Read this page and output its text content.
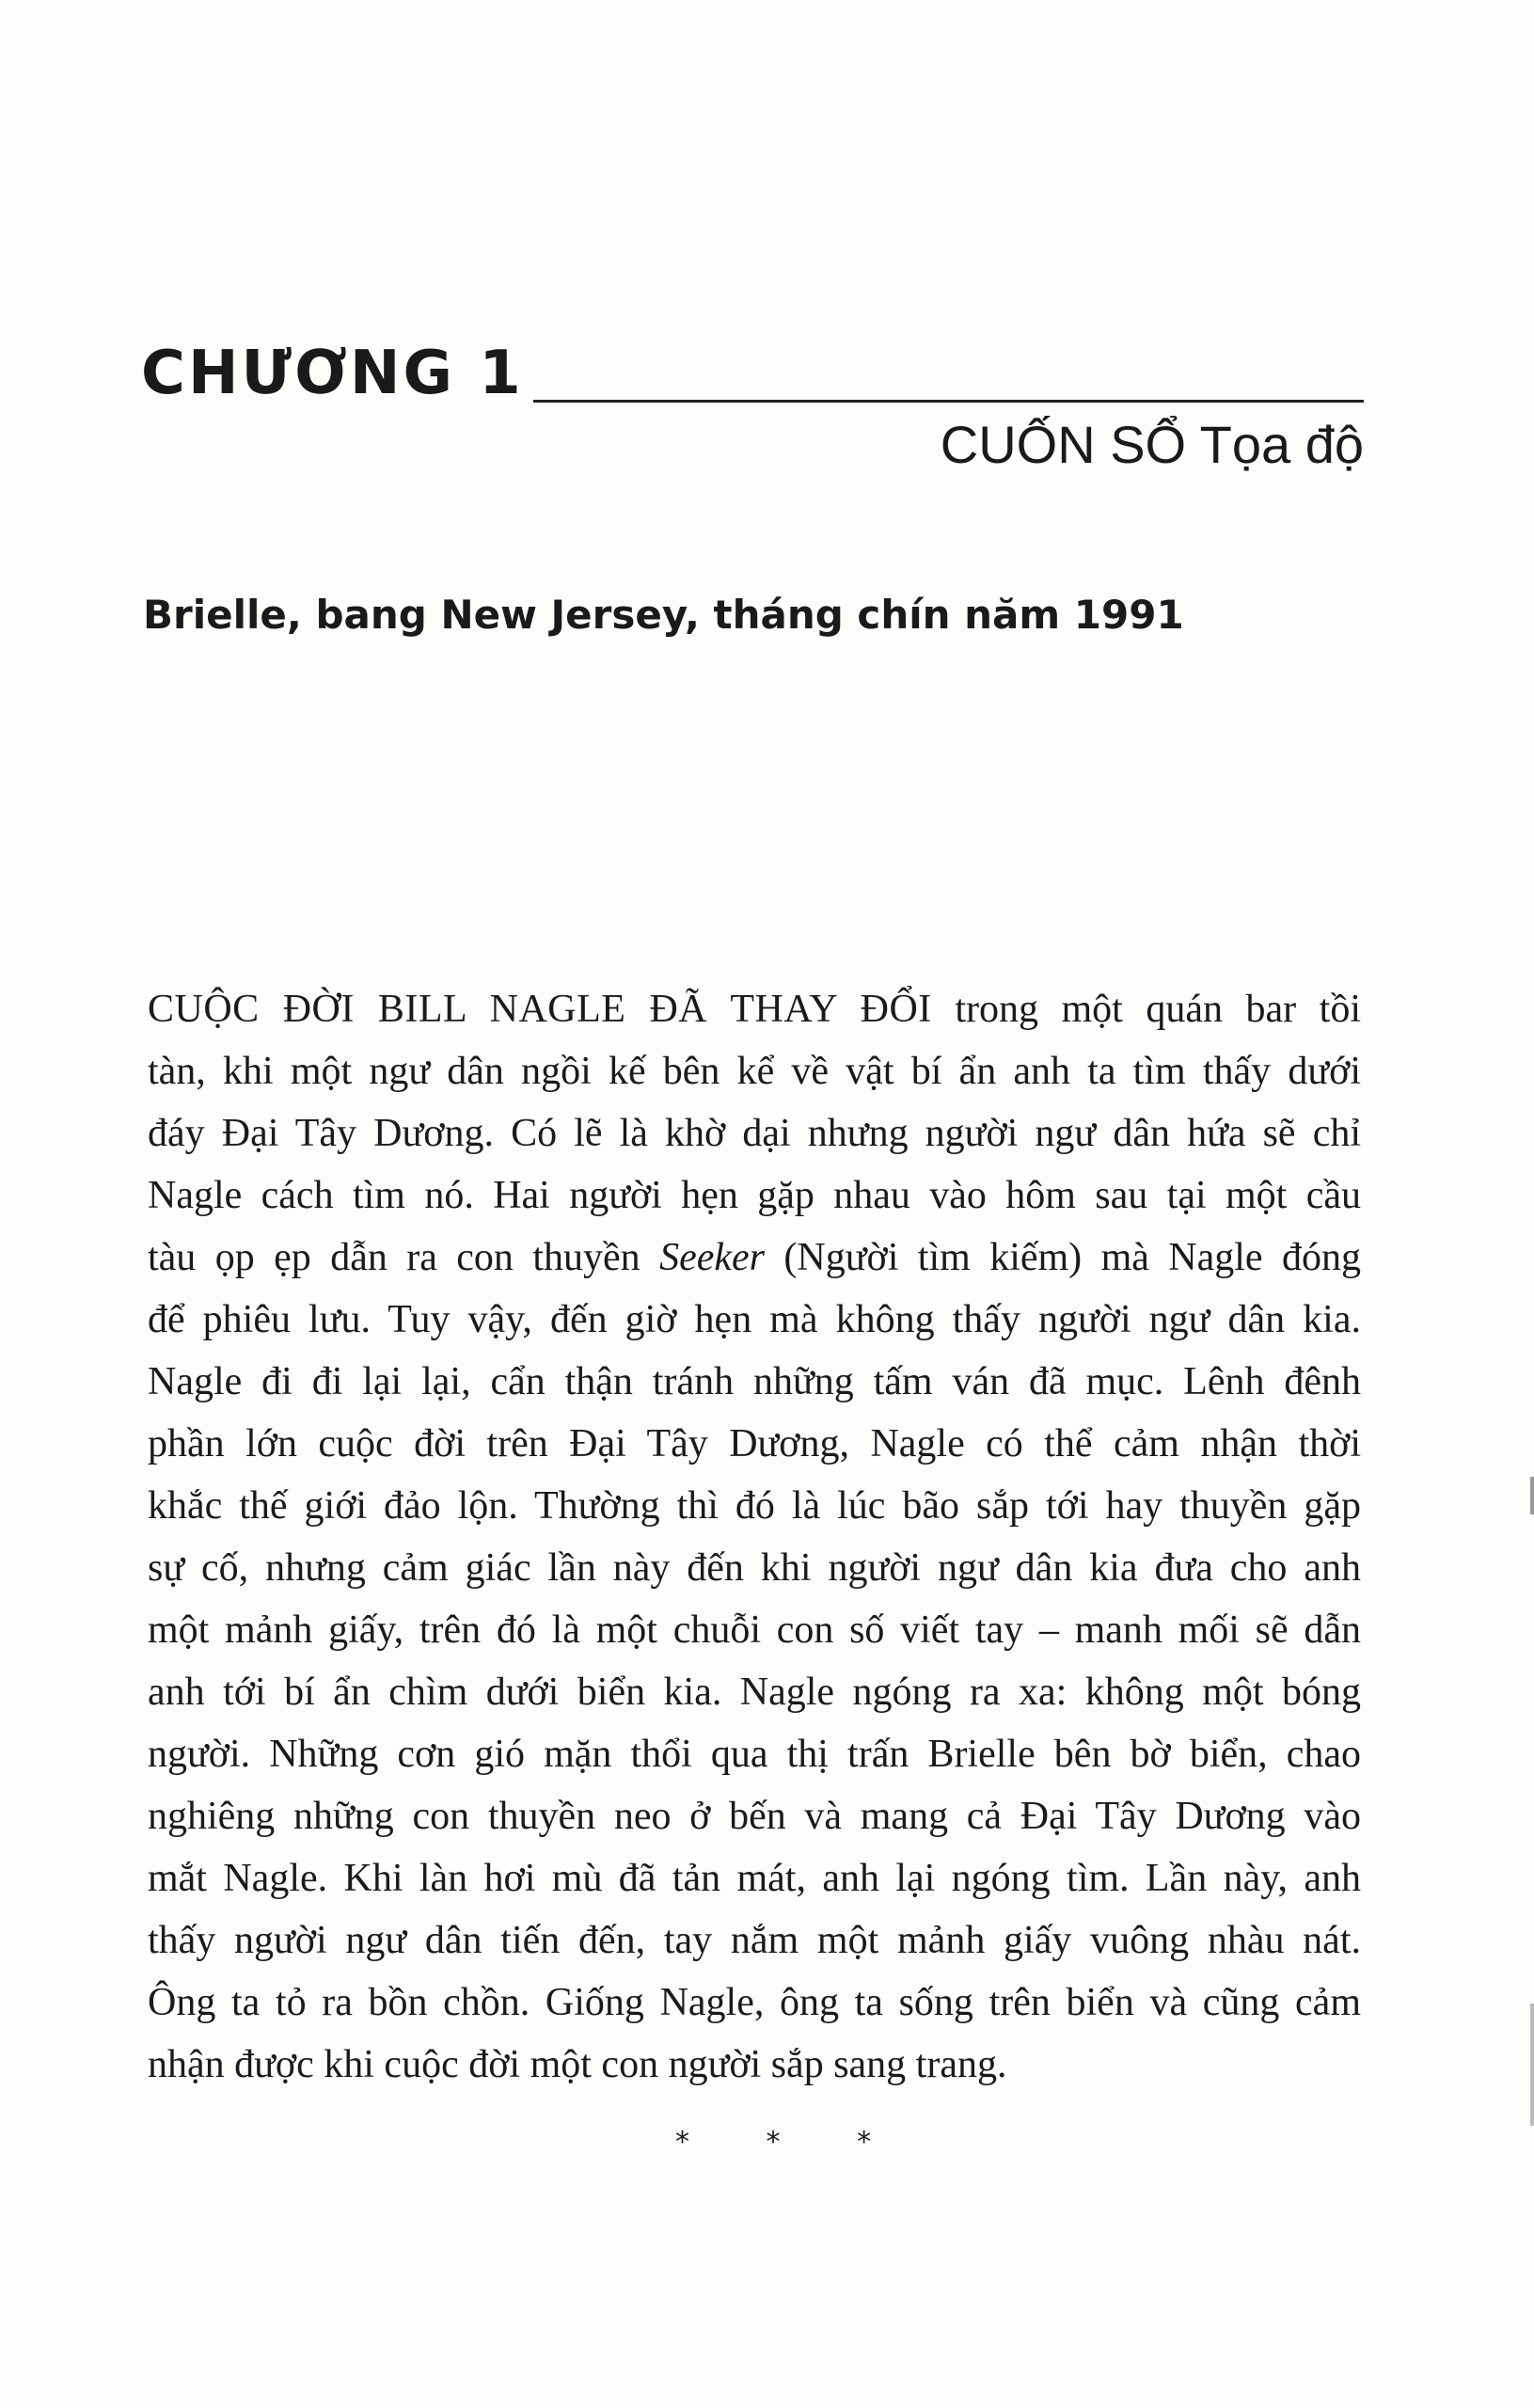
CHƯƠNG 1
CUỐN SỔ Tọa độ
Brielle, bang New Jersey, tháng chín năm 1991
CUỘC ĐỜI BILL NAGLE ĐÃ THAY ĐỔI trong một quán bar tồi
tàn, khi một ngư dân ngồi kế bên kể về vật bí ẩn anh ta tìm thấy dưới
đáy Đại Tây Dương. Có lẽ là khờ dại nhưng người ngư dân hứa sẽ chỉ
Nagle cách tìm nó. Hai người hẹn gặp nhau vào hôm sau tại một cầu
tàu ọp ẹp dẫn ra con thuyền Seeker (Người tìm kiếm) mà Nagle đóng
để phiêu lưu. Tuy vậy, đến giờ hẹn mà không thấy người ngư dân kia.
Nagle đi đi lại lại, cẩn thận tránh những tấm ván đã mục. Lênh đênh
phần lớn cuộc đời trên Đại Tây Dương, Nagle có thể cảm nhận thời
khắc thế giới đảo lộn. Thường thì đó là lúc bão sắp tới hay thuyền gặp
sự cố, nhưng cảm giác lần này đến khi người ngư dân kia đưa cho anh
một mảnh giấy, trên đó là một chuỗi con số viết tay – manh mối sẽ dẫn
anh tới bí ẩn chìm dưới biển kia. Nagle ngóng ra xa: không một bóng
người. Những cơn gió mặn thổi qua thị trấn Brielle bên bờ biển, chao
nghiêng những con thuyền neo ở bến và mang cả Đại Tây Dương vào
mắt Nagle. Khi làn hơi mù đã tản mát, anh lại ngóng tìm. Lần này, anh
thấy người ngư dân tiến đến, tay nắm một mảnh giấy vuông nhàu nát.
Ông ta tỏ ra bồn chồn. Giống Nagle, ông ta sống trên biển và cũng cảm
nhận được khi cuộc đời một con người sắp sang trang.
* * *
